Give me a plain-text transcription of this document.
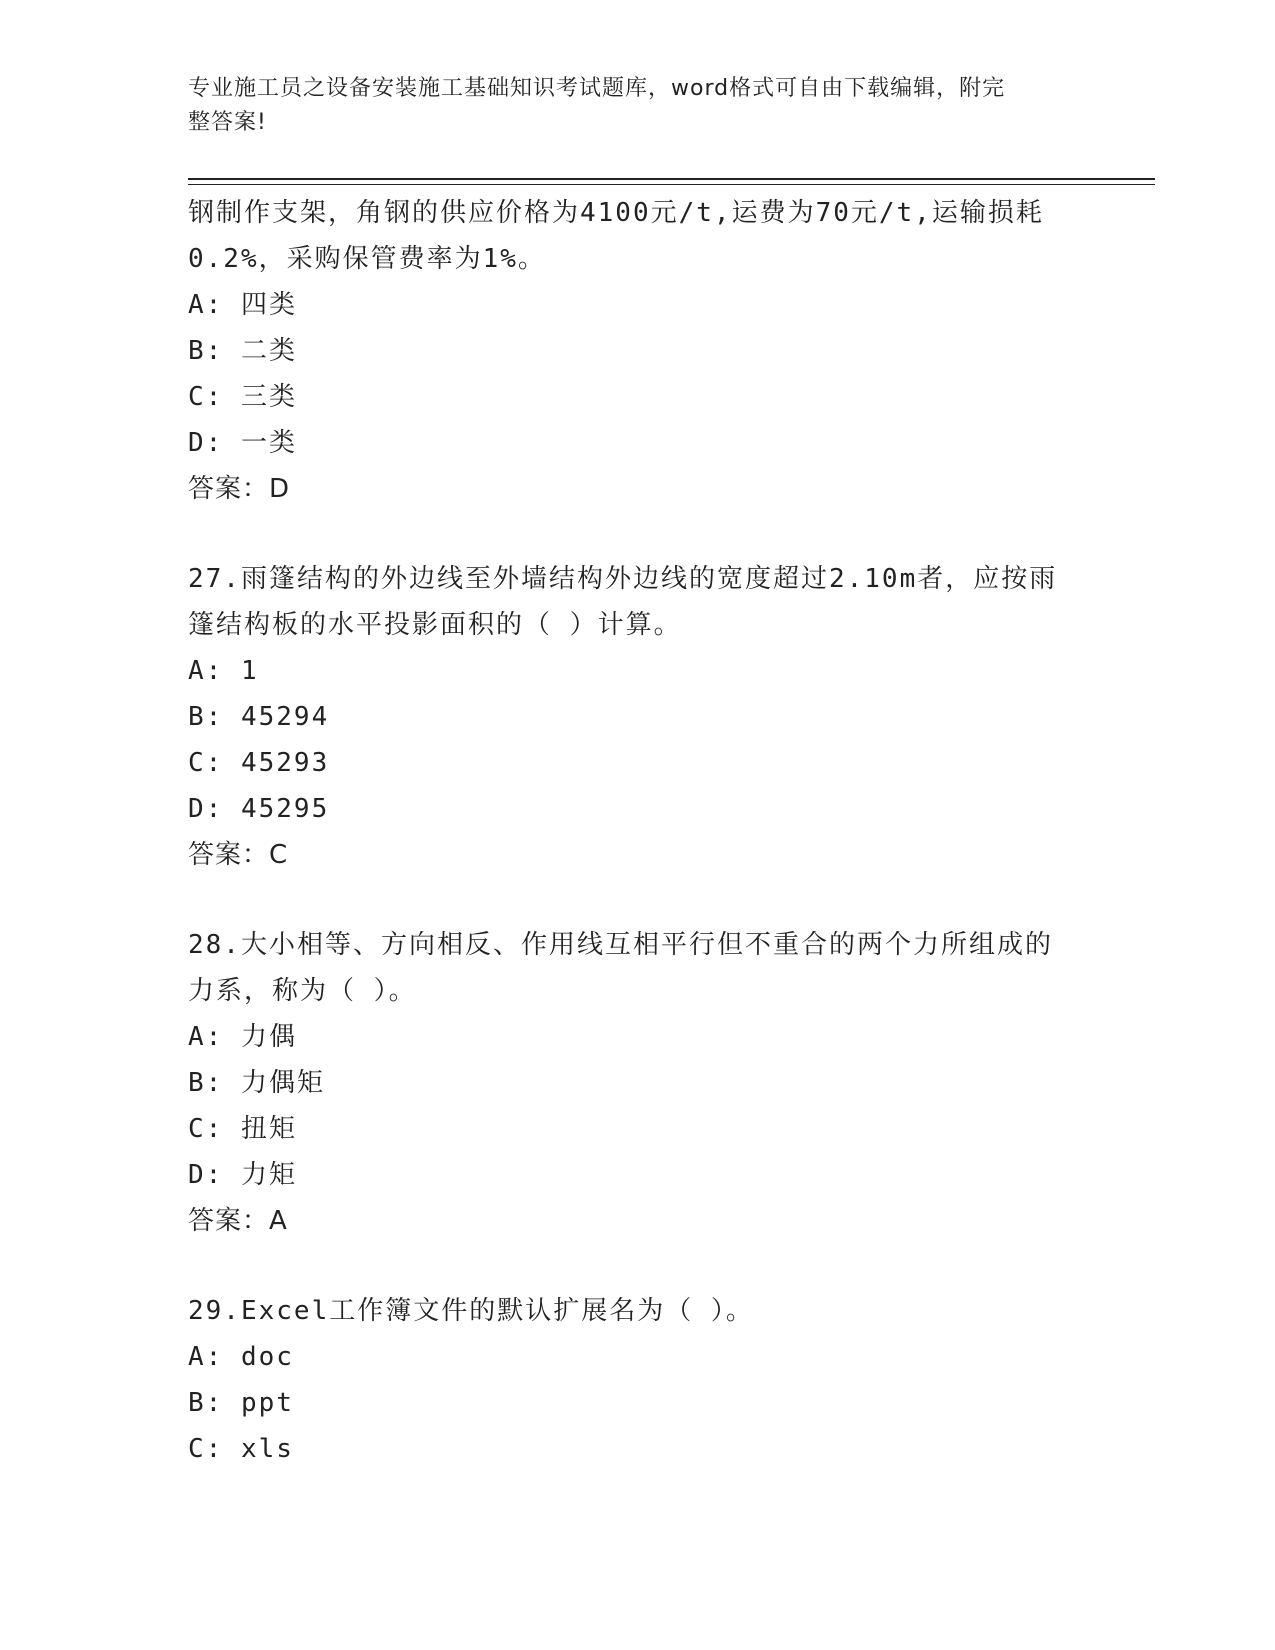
专业施工员之设备安装施工基础知识考试题库，word格式可自由下载编辑，附完
整答案!
钢制作支架，角钢的供应价格为4100元/t,运费为70元/t,运输损耗
0.2%，采购保管费率为1%。
A: 四类
B: 二类
C: 三类
D: 一类
答案：D
27.雨篷结构的外边线至外墙结构外边线的宽度超过2.10m者，应按雨
篷结构板的水平投影面积的（ ）计算。
A: 1
B: 45294
C: 45293
D: 45295
答案：C
28.大小相等、方向相反、作用线互相平行但不重合的两个力所组成的
力系，称为（ ）。
A: 力偶
B: 力偶矩
C: 扭矩
D: 力矩
答案：A
29.Excel工作簿文件的默认扩展名为（ ）。
A: doc
B: ppt
C: xls
